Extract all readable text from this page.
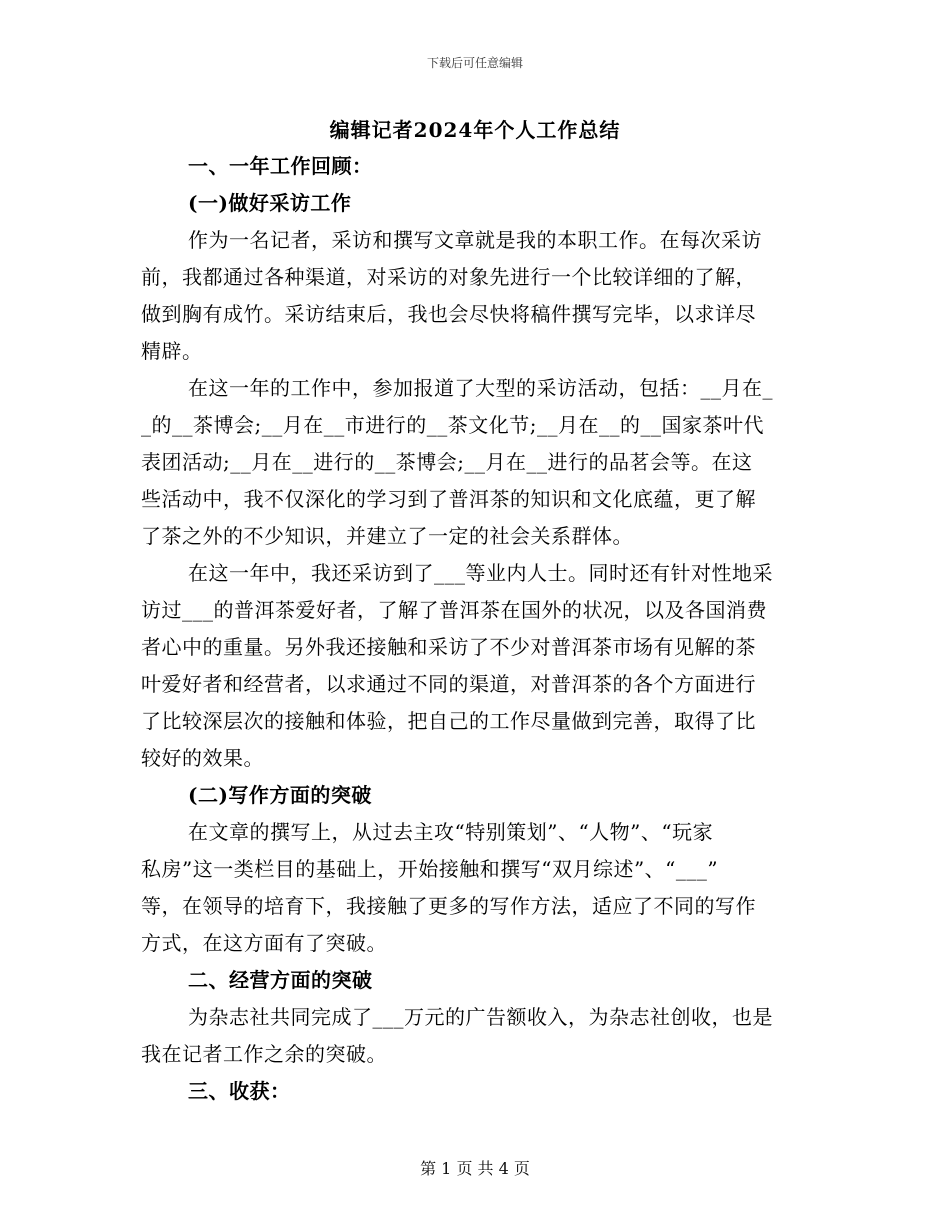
下载后可任意编辑
编辑记者2024年个人工作总结
一、一年工作回顾：
(一)做好采访工作
作为一名记者，采访和撰写文章就是我的本职工作。在每次采访
前，我都通过各种渠道，对采访的对象先进行一个比较详细的了解，
做到胸有成竹。采访结束后，我也会尽快将稿件撰写完毕，以求详尽
精辟。
在这一年的工作中，参加报道了大型的采访活动，包括：__月在_
_的__茶博会;__月在__市进行的__茶文化节;__月在__的__国家茶叶代
表团活动;__月在__进行的__茶博会;__月在__进行的品茗会等。在这
些活动中，我不仅深化的学习到了普洱茶的知识和文化底蕴，更了解
了茶之外的不少知识，并建立了一定的社会关系群体。
在这一年中，我还采访到了___等业内人士。同时还有针对性地采
访过___的普洱茶爱好者，了解了普洱茶在国外的状况，以及各国消费
者心中的重量。另外我还接触和采访了不少对普洱茶市场有见解的茶
叶爱好者和经营者，以求通过不同的渠道，对普洱茶的各个方面进行
了比较深层次的接触和体验，把自己的工作尽量做到完善，取得了比
较好的效果。
(二)写作方面的突破
在文章的撰写上，从过去主攻“特别策划”、“人物”、“玩家
私房”这一类栏目的基础上，开始接触和撰写“双月综述”、“___”
等，在领导的培育下，我接触了更多的写作方法，适应了不同的写作
方式，在这方面有了突破。
二、经营方面的突破
为杂志社共同完成了___万元的广告额收入，为杂志社创收，也是
我在记者工作之余的突破。
三、收获：
第 1 页 共 4 页
